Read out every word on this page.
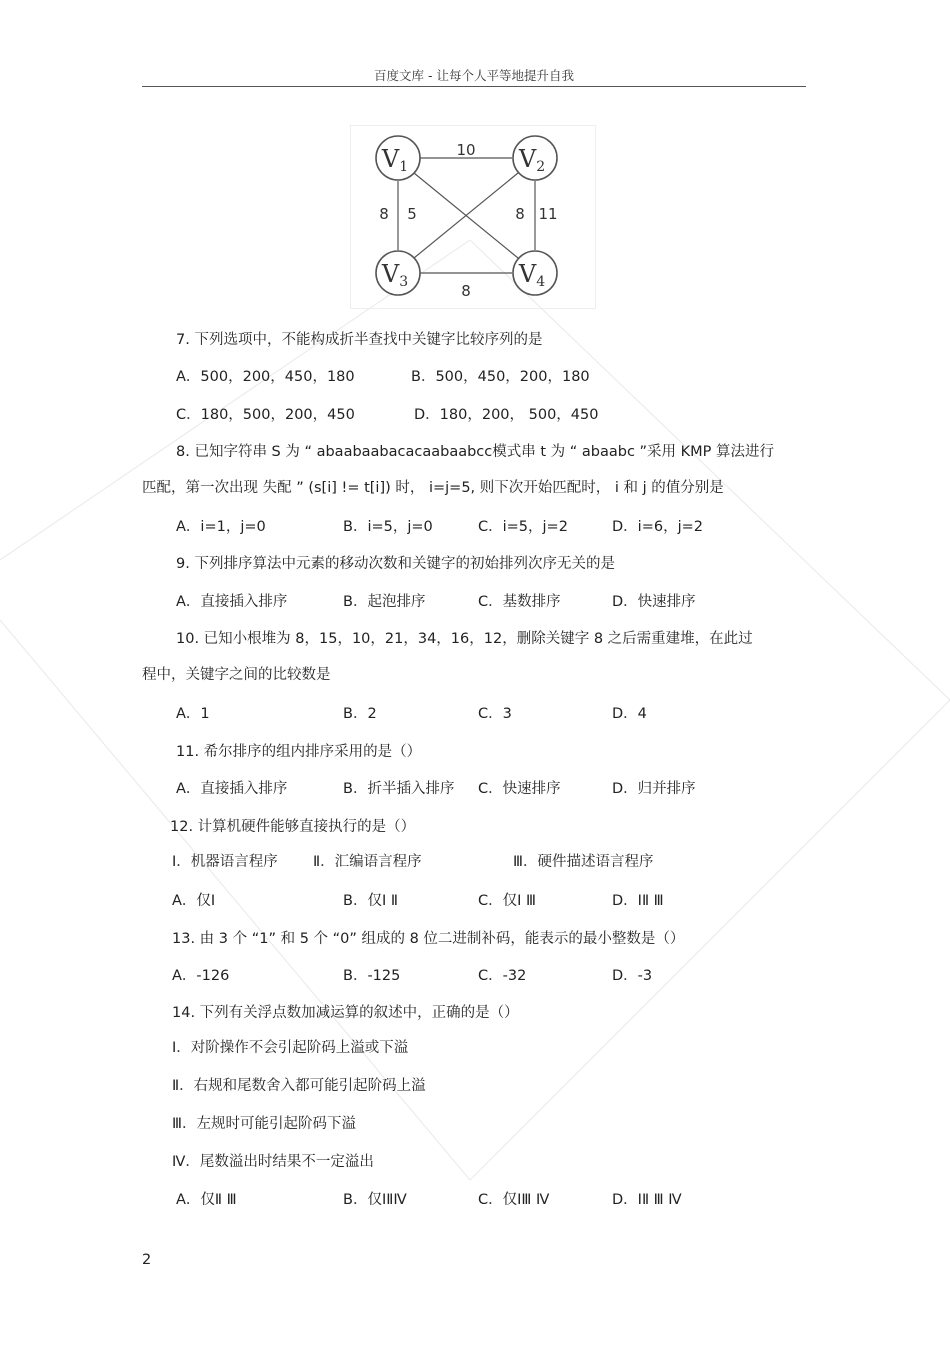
百度文库 - 让每个人平等地提升自我
V1	V2
V3	V4
10
8 5	8 11
8
7. 下列选项中，不能构成折半查找中关键字比较序列的是
A．500，200，450，180	B．500，450，200，180
C．180，500，200，450	D．180，200， 500，450
8. 已知字符串 S 为 “ abaabaabacacaabaabcc模式串 t 为 “ abaabc ”采用 KMP 算法进行
匹配，第一次出现 失配 ” (s[i] != t[i]) 时， i=j=5, 则下次开始匹配时， i 和 j 的值分别是
A．i=1，j=0	B．i=5，j=0	C．i=5，j=2	D．i=6，j=2
9. 下列排序算法中元素的移动次数和关键字的初始排列次序无关的是
A．直接插入排序	B．起泡排序	C．基数排序	D．快速排序
10. 已知小根堆为 8，15，10，21，34，16，12，删除关键字 8 之后需重建堆，在此过
程中，关键字之间的比较数是
A．1	B．2	C．3	D．4
11. 希尔排序的组内排序采用的是（）
A．直接插入排序	B．折半插入排序 C．快速排序	D．归并排序
12. 计算机硬件能够直接执行的是（）
Ⅰ．机器语言程序 Ⅱ．汇编语言程序	Ⅲ．硬件描述语言程序
A．仅Ⅰ	B．仅Ⅰ Ⅱ	C．仅Ⅰ Ⅲ	D．ⅠⅡ Ⅲ
13. 由 3 个 “1” 和 5 个 “0” 组成的 8 位二进制补码，能表示的最小整数是（）
A．-126	B．-125	C．-32	D．-3
14. 下列有关浮点数加减运算的叙述中，正确的是（）
Ⅰ．对阶操作不会引起阶码上溢或下溢
Ⅱ．右规和尾数舍入都可能引起阶码上溢
Ⅲ．左规时可能引起阶码下溢
Ⅳ．尾数溢出时结果不一定溢出
A．仅Ⅱ Ⅲ	B．仅ⅠⅡⅣ	C．仅ⅠⅢ Ⅳ	D．ⅠⅡ Ⅲ Ⅳ
2
